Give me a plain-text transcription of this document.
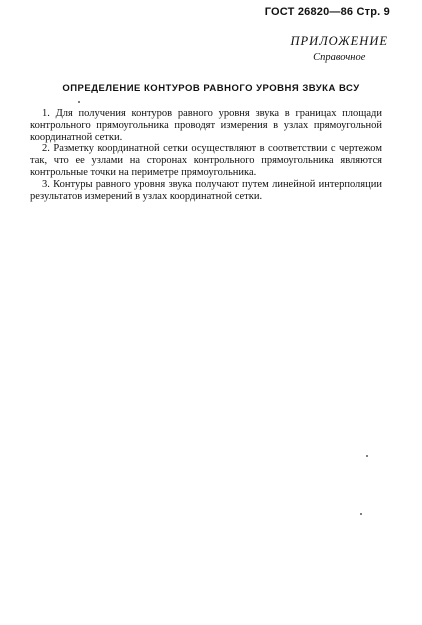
ГОСТ 26820—86 Стр. 9
ПРИЛОЖЕНИЕ
Справочное
ОПРЕДЕЛЕНИЕ КОНТУРОВ РАВНОГО УРОВНЯ ЗВУКА ВСУ

1. Для получения контуров равного уровня звука в границах площади контрольного прямоугольника проводят измерения в узлах прямоугольной координатной сетки.

2. Разметку координатной сетки осуществляют в соответствии с чертежом так, что ее узлами на сторонах контрольного прямоугольника являются контрольные точки на периметре прямоугольника.

3. Контуры равного уровня звука получают путем линейной интерполяции результатов измерений в узлах координатной сетки.
